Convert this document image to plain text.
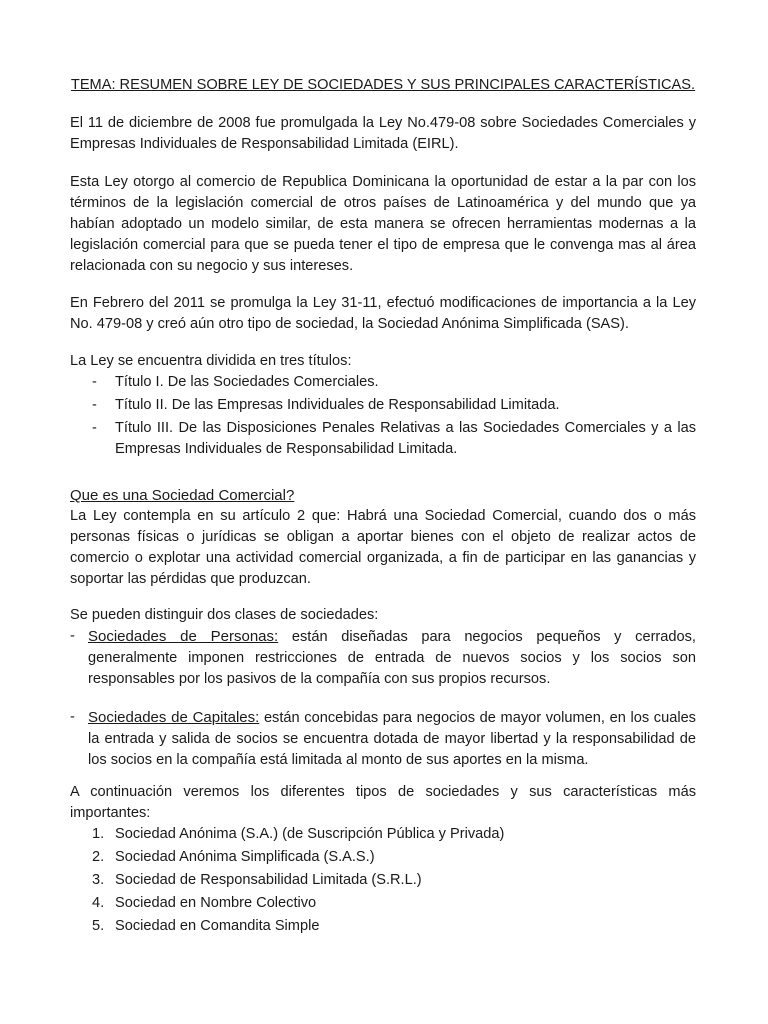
TEMA: RESUMEN SOBRE LEY DE SOCIEDADES Y SUS PRINCIPALES CARACTERÍSTICAS.

El 11 de diciembre de 2008 fue promulgada la Ley No.479-08 sobre Sociedades Comerciales y Empresas Individuales de Responsabilidad Limitada (EIRL).

Esta Ley otorgo al comercio de Republica Dominicana la oportunidad de estar a la par con los términos de la legislación comercial de otros países de Latinoamérica y del mundo que ya habían adoptado un modelo similar, de esta manera se ofrecen herramientas modernas a la legislación comercial para que se pueda tener el tipo de empresa que le convenga mas al área relacionada con su negocio y sus intereses.

En Febrero del 2011 se promulga la Ley 31-11, efectuó modificaciones de importancia a la Ley No. 479-08 y creó aún otro tipo de sociedad, la Sociedad Anónima Simplificada (SAS).

La Ley se encuentra dividida en tres títulos:

- Título I. De las Sociedades Comerciales.
- Título II. De las Empresas Individuales de Responsabilidad Limitada.
- Título III. De las Disposiciones Penales Relativas a las Sociedades Comerciales y a las Empresas Individuales de Responsabilidad Limitada.
Que es una Sociedad Comercial?

La Ley contempla en su artículo 2 que: Habrá una Sociedad Comercial, cuando dos o más personas físicas o jurídicas se obligan a aportar bienes con el objeto de realizar actos de comercio o explotar una actividad comercial organizada, a fin de participar en las ganancias y soportar las pérdidas que produzcan.

Se pueden distinguir dos clases de sociedades:

- Sociedades de Personas: están diseñadas para negocios pequeños y cerrados, generalmente imponen restricciones de entrada de nuevos socios y los socios son responsables por los pasivos de la compañía con sus propios recursos.
- Sociedades de Capitales: están concebidas para negocios de mayor volumen, en los cuales la entrada y salida de socios se encuentra dotada de mayor libertad y la responsabilidad de los socios en la compañía está limitada al monto de sus aportes en la misma.

A continuación veremos los diferentes tipos de sociedades y sus características más importantes:

1. Sociedad Anónima (S.A.) (de Suscripción Pública y Privada)
2. Sociedad Anónima Simplificada (S.A.S.)
3. Sociedad de Responsabilidad Limitada (S.R.L.)
4. Sociedad en Nombre Colectivo
5. Sociedad en Comandita Simple
